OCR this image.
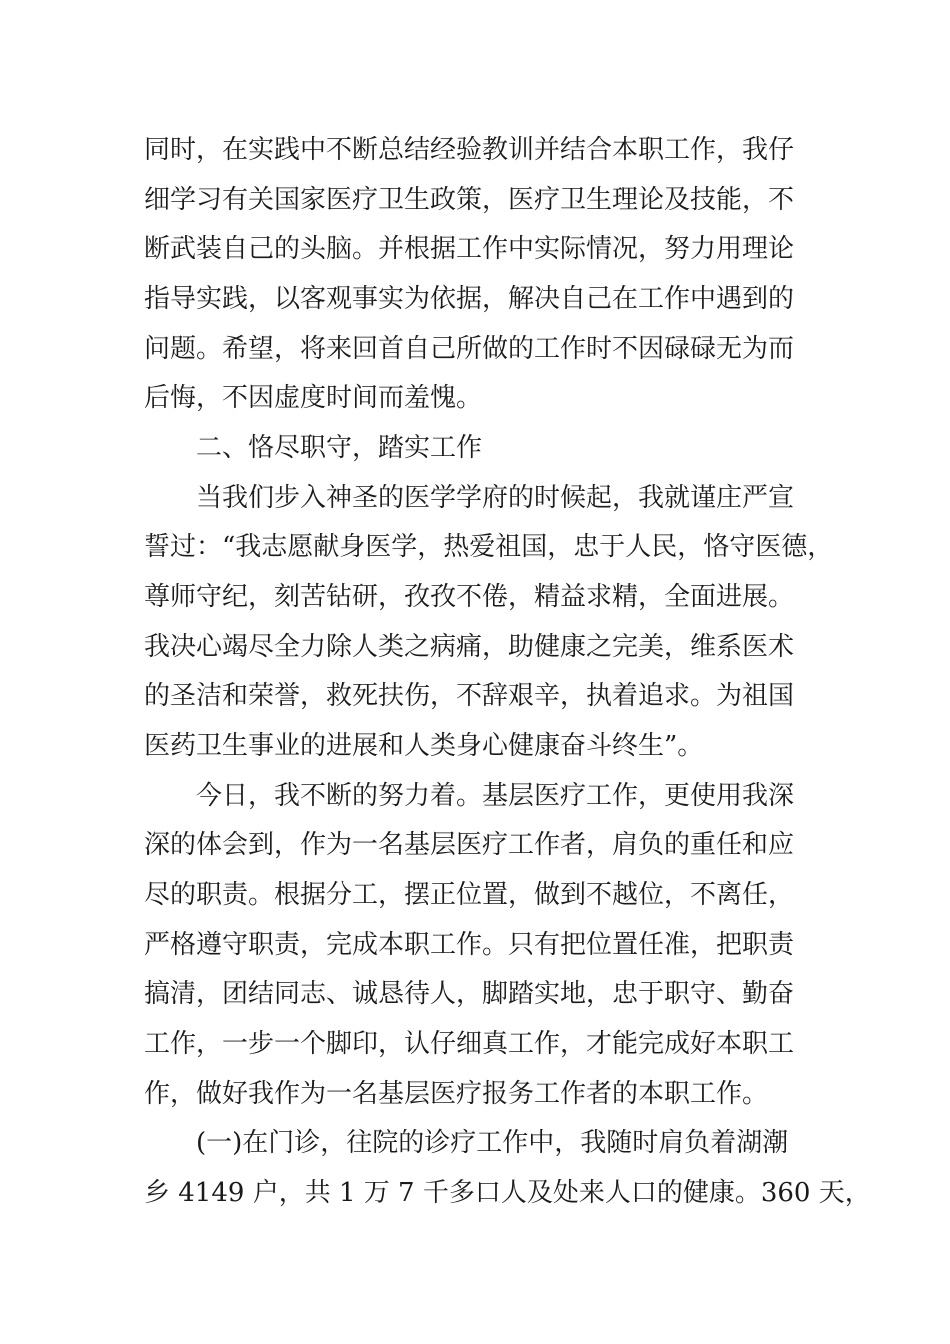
同时，在实践中不断总结经验教训并结合本职工作，我仔
细学习有关国家医疗卫生政策，医疗卫生理论及技能，不
断武装自己的头脑。并根据工作中实际情况，努力用理论
指导实践，以客观事实为依据，解决自己在工作中遇到的
问题。希望，将来回首自己所做的工作时不因碌碌无为而
后悔，不因虚度时间而羞愧。
二、恪尽职守，踏实工作
当我们步入神圣的医学学府的时候起，我就谨庄严宣
誓过：“我志愿献身医学，热爱祖国，忠于人民，恪守医德，
尊师守纪，刻苦钻研，孜孜不倦，精益求精，全面进展。
我决心竭尽全力除人类之病痛，助健康之完美，维系医术
的圣洁和荣誉，救死扶伤，不辞艰辛，执着追求。为祖国
医药卫生事业的进展和人类身心健康奋斗终生”。
今日，我不断的努力着。基层医疗工作，更使用我深
深的体会到，作为一名基层医疗工作者，肩负的重任和应
尽的职责。根据分工，摆正位置，做到不越位，不离任，
严格遵守职责，完成本职工作。只有把位置任准，把职责
搞清，团结同志、诚恳待人，脚踏实地，忠于职守、勤奋
工作，一步一个脚印，认仔细真工作，才能完成好本职工
作，做好我作为一名基层医疗报务工作者的本职工作。
(一)在门诊，往院的诊疗工作中，我随时肩负着湖潮
乡 4149 户，共 1 万 7 千多口人及处来人口的健康。360 天，
